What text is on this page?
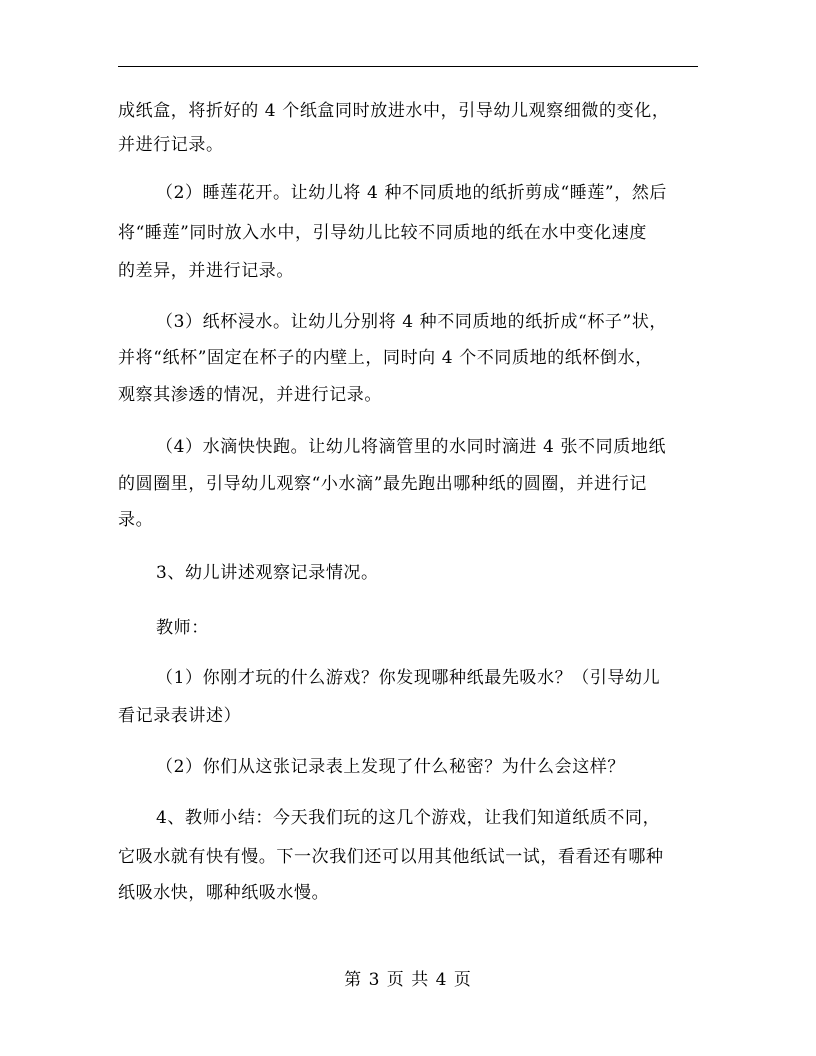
成纸盒，将折好的 4 个纸盒同时放进水中，引导幼儿观察细微的变化，
并进行记录。
（2）睡莲花开。让幼儿将 4 种不同质地的纸折剪成“睡莲”，然后
将“睡莲”同时放入水中，引导幼儿比较不同质地的纸在水中变化速度
的差异，并进行记录。
（3）纸杯浸水。让幼儿分别将 4 种不同质地的纸折成“杯子”状，
并将“纸杯”固定在杯子的内壁上，同时向 4 个不同质地的纸杯倒水，
观察其渗透的情况，并进行记录。
（4）水滴快快跑。让幼儿将滴管里的水同时滴进 4 张不同质地纸
的圆圈里，引导幼儿观察“小水滴”最先跑出哪种纸的圆圈，并进行记
录。
3、幼儿讲述观察记录情况。
教师：
（1）你刚才玩的什么游戏？你发现哪种纸最先吸水？（引导幼儿
看记录表讲述）
（2）你们从这张记录表上发现了什么秘密？为什么会这样？
4、教师小结：今天我们玩的这几个游戏，让我们知道纸质不同，
它吸水就有快有慢。下一次我们还可以用其他纸试一试，看看还有哪种
纸吸水快，哪种纸吸水慢。
第 3 页 共 4 页
